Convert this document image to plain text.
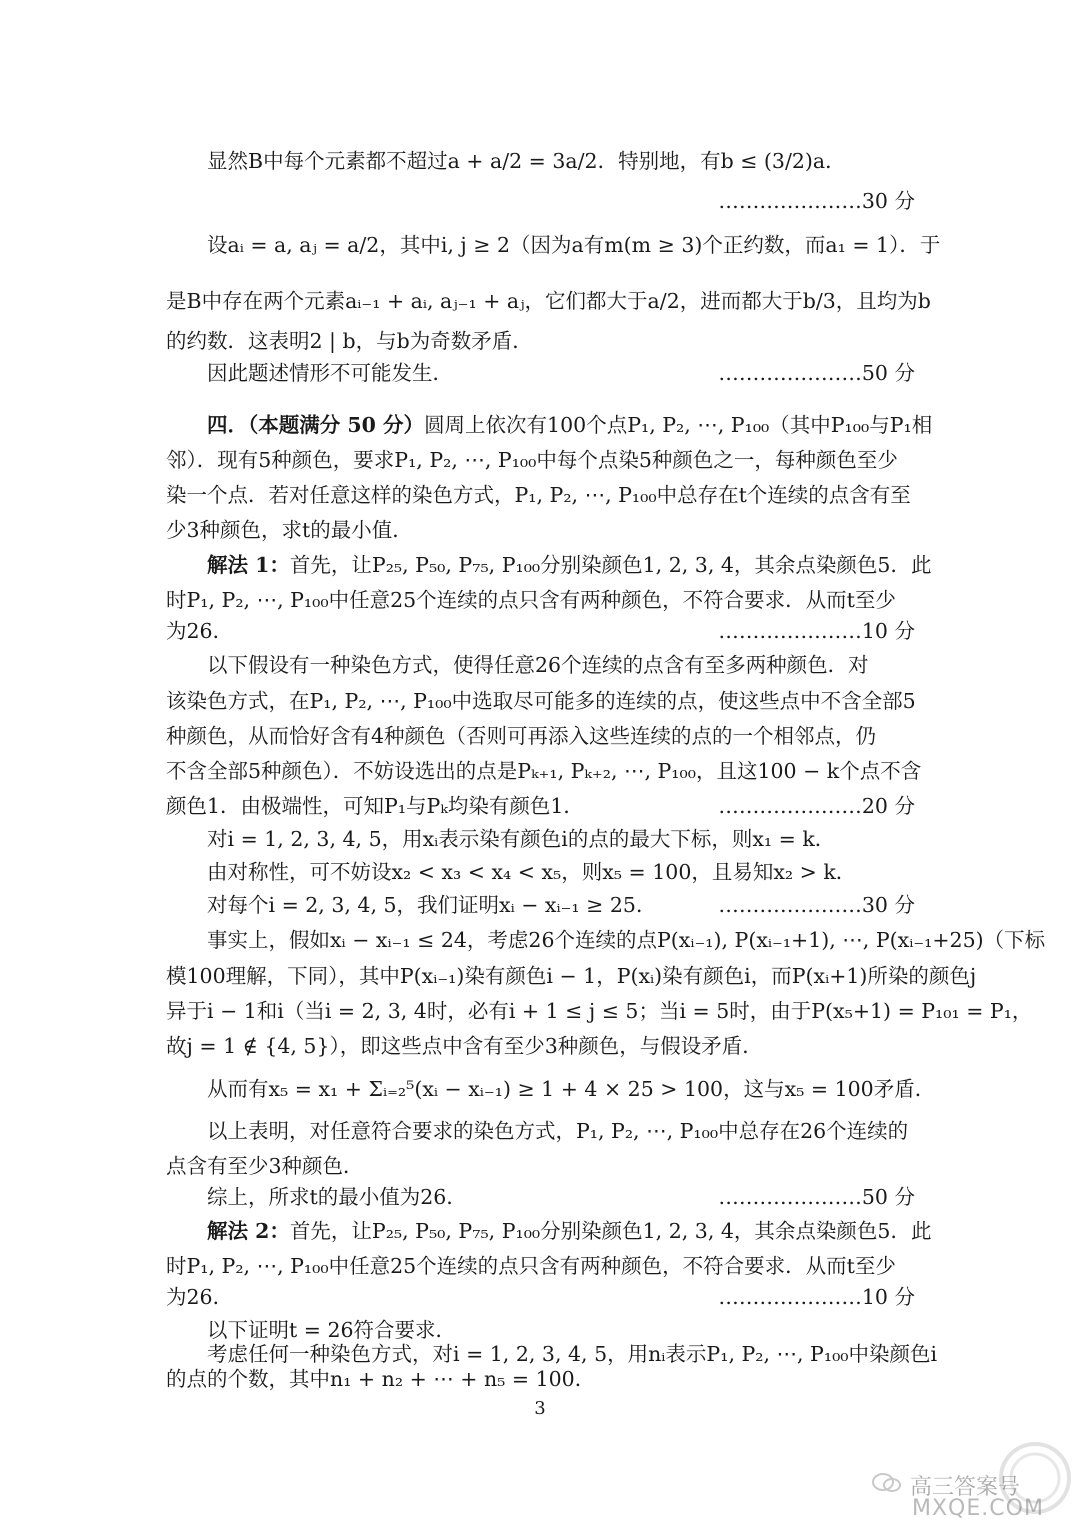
显然B中每个元素都不超过a + a/2 = 3a/2．特别地，有b ≤ (3/2)a．
…………………30 分
设aᵢ = a, aⱼ = a/2，其中i, j ≥ 2（因为a有m(m ≥ 3)个正约数，而a₁ = 1）．于
是B中存在两个元素aᵢ₋₁ + aᵢ, aⱼ₋₁ + aⱼ，它们都大于a/2，进而都大于b/3，且均为b
的约数．这表明2 | b，与b为奇数矛盾．
因此题述情形不可能发生．	…………………50 分
四．（本题满分 50 分）圆周上依次有100个点P₁, P₂, ⋯, P₁₀₀（其中P₁₀₀与P₁相
邻）．现有5种颜色，要求P₁, P₂, ⋯, P₁₀₀中每个点染5种颜色之一，每种颜色至少
染一个点．若对任意这样的染色方式，P₁, P₂, ⋯, P₁₀₀中总存在t个连续的点含有至
少3种颜色，求t的最小值．
解法 1：首先，让P₂₅, P₅₀, P₇₅, P₁₀₀分别染颜色1, 2, 3, 4，其余点染颜色5．此
时P₁, P₂, ⋯, P₁₀₀中任意25个连续的点只含有两种颜色，不符合要求．从而t至少
为26．	…………………10 分
以下假设有一种染色方式，使得任意26个连续的点含有至多两种颜色．对
该染色方式，在P₁, P₂, ⋯, P₁₀₀中选取尽可能多的连续的点，使这些点中不含全部5
种颜色，从而恰好含有4种颜色（否则可再添入这些连续的点的一个相邻点，仍
不含全部5种颜色）．不妨设选出的点是Pₖ₊₁, Pₖ₊₂, ⋯, P₁₀₀，且这100 − k个点不含
颜色1．由极端性，可知P₁与Pₖ均染有颜色1．	…………………20 分
对i = 1, 2, 3, 4, 5，用xᵢ表示染有颜色i的点的最大下标，则x₁ = k．
由对称性，可不妨设x₂ < x₃ < x₄ < x₅，则x₅ = 100，且易知x₂ > k．
对每个i = 2, 3, 4, 5，我们证明xᵢ − xᵢ₋₁ ≥ 25．	…………………30 分
事实上，假如xᵢ − xᵢ₋₁ ≤ 24，考虑26个连续的点P(xᵢ₋₁), P(xᵢ₋₁+1), ⋯, P(xᵢ₋₁+25)（下标
模100理解，下同），其中P(xᵢ₋₁)染有颜色i − 1，P(xᵢ)染有颜色i，而P(xᵢ+1)所染的颜色j
异于i − 1和i（当i = 2, 3, 4时，必有i + 1 ≤ j ≤ 5；当i = 5时，由于P(x₅+1) = P₁₀₁ = P₁，
故j = 1 ∉ {4, 5}），即这些点中含有至少3种颜色，与假设矛盾．
从而有x₅ = x₁ + Σᵢ₌₂⁵(xᵢ − xᵢ₋₁) ≥ 1 + 4 × 25 > 100，这与x₅ = 100矛盾．
以上表明，对任意符合要求的染色方式，P₁, P₂, ⋯, P₁₀₀中总存在26个连续的
点含有至少3种颜色．
综上，所求t的最小值为26．	…………………50 分
解法 2：首先，让P₂₅, P₅₀, P₇₅, P₁₀₀分别染颜色1, 2, 3, 4，其余点染颜色5．此
时P₁, P₂, ⋯, P₁₀₀中任意25个连续的点只含有两种颜色，不符合要求．从而t至少
为26．	…………………10 分
以下证明t = 26符合要求．
3
高三答案号
MXQE.COM
的点的个数，其中n₁ + n₂ + ⋯ + n₅ = 100．
考虑任何一种染色方式，对i = 1, 2, 3, 4, 5，用nᵢ表示P₁, P₂, ⋯, P₁₀₀中染颜色i
